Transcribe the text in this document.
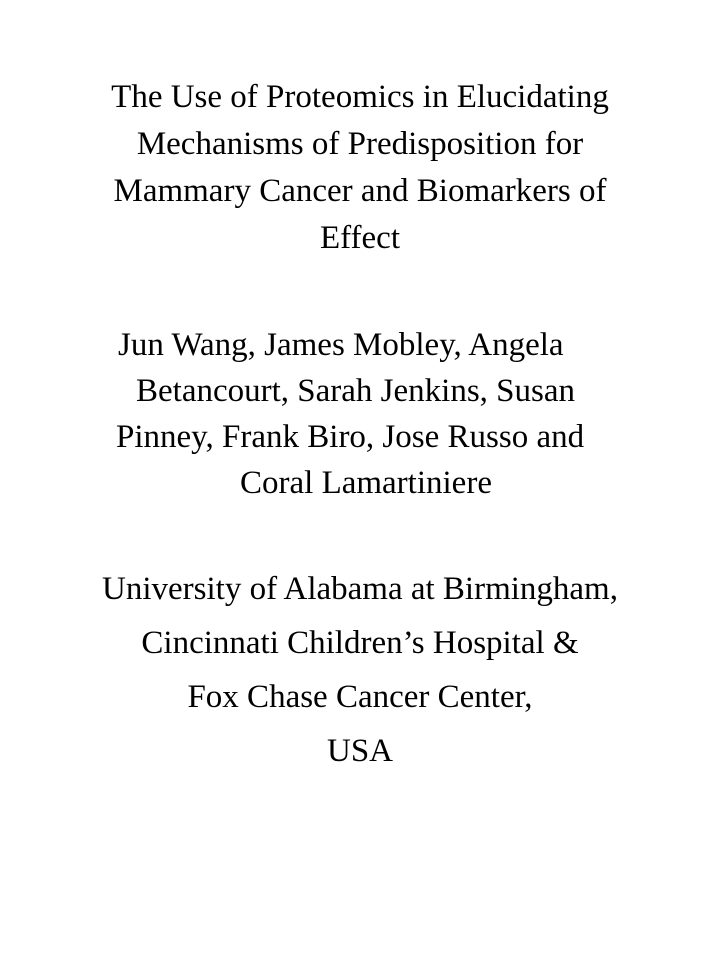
The Use of Proteomics in Elucidating
Mechanisms of Predisposition for
Mammary Cancer and Biomarkers of
Effect

Jun Wang, James Mobley, Angela
Betancourt, Sarah Jenkins, Susan
Pinney, Frank Biro, Jose Russo and
Coral Lamartiniere

University of Alabama at Birmingham,
Cincinnati Children’s Hospital &
Fox Chase Cancer Center,
USA
